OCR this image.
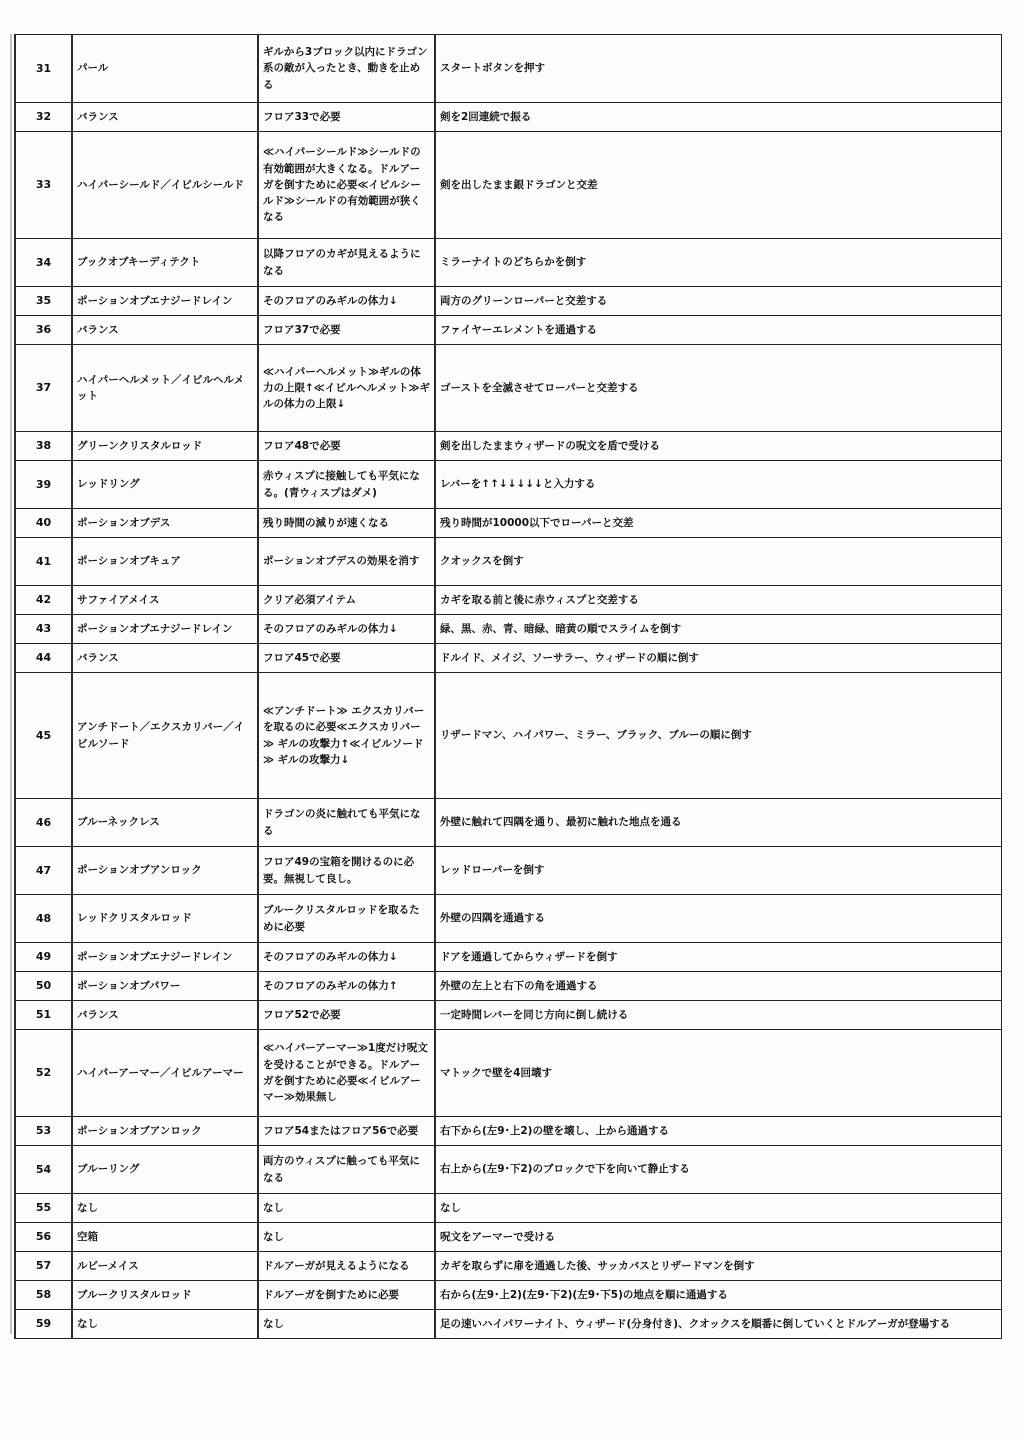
31	パール	ギルから3ブロック以内にドラゴン系の敵が入ったとき、動きを止める	スタートボタンを押す
32	バランス	フロア33で必要	剣を2回連続で振る
33	ハイパーシールド／イビルシールド	≪ハイパーシールド≫シールドの有効範囲が大きくなる。ドルアーガを倒すために必要≪イビルシールド≫シールドの有効範囲が狭くなる	剣を出したまま銀ドラゴンと交差
34	ブックオブキーディテクト	以降フロアのカギが見えるようになる	ミラーナイトのどちらかを倒す
35	ポーションオブエナジードレイン	そのフロアのみギルの体力↓	両方のグリーンローパーと交差する
36	バランス	フロア37で必要	ファイヤーエレメントを通過する
37	ハイパーヘルメット／イビルヘルメット	≪ハイパーヘルメット≫ギルの体力の上限↑≪イビルヘルメット≫ギルの体力の上限↓	ゴーストを全滅させてローパーと交差する
38	グリーンクリスタルロッド	フロア48で必要	剣を出したままウィザードの呪文を盾で受ける
39	レッドリング	赤ウィスプに接触しても平気になる。(青ウィスプはダメ)	レバーを↑↑↓↓↓↓↓と入力する
40	ポーションオブデス	残り時間の減りが速くなる	残り時間が10000以下でローパーと交差
41	ポーションオブキュア	ポーションオブデスの効果を消す	クオックスを倒す
42	サファイアメイス	クリア必須アイテム	カギを取る前と後に赤ウィスプと交差する
43	ポーションオブエナジードレイン	そのフロアのみギルの体力↓	緑、黒、赤、青、暗緑、暗黄の順でスライムを倒す
44	バランス	フロア45で必要	ドルイド、メイジ、ソーサラー、ウィザードの順に倒す
45	アンチドート／エクスカリバー／イビルソード	≪アンチドート≫ エクスカリバーを取るのに必要≪エクスカリバー≫ ギルの攻撃力↑≪イビルソード≫ ギルの攻撃力↓	リザードマン、ハイパワー、ミラー、ブラック、ブルーの順に倒す
46	ブルーネックレス	ドラゴンの炎に触れても平気になる	外壁に触れて四隅を通り、最初に触れた地点を通る
47	ポーションオブアンロック	フロア49の宝箱を開けるのに必要。無視して良し。	レッドローパーを倒す
48	レッドクリスタルロッド	ブルークリスタルロッドを取るために必要	外壁の四隅を通過する
49	ポーションオブエナジードレイン	そのフロアのみギルの体力↓	ドアを通過してからウィザードを倒す
50	ポーションオブパワー	そのフロアのみギルの体力↑	外壁の左上と右下の角を通過する
51	バランス	フロア52で必要	一定時間レバーを同じ方向に倒し続ける
52	ハイパーアーマー／イビルアーマー	≪ハイパーアーマー≫1度だけ呪文を受けることができる。ドルアーガを倒すために必要≪イビルアーマー≫効果無し	マトックで壁を4回壊す
53	ポーションオブアンロック	フロア54またはフロア56で必要	右下から(左9･上2)の壁を壊し、上から通過する
54	ブルーリング	両方のウィスプに触っても平気になる	右上から(左9･下2)のブロックで下を向いて静止する
55	なし	なし	なし
56	空箱	なし	呪文をアーマーで受ける
57	ルビーメイス	ドルアーガが見えるようになる	カギを取らずに扉を通過した後、サッカバスとリザードマンを倒す
58	ブルークリスタルロッド	ドルアーガを倒すために必要	右から(左9･上2)(左9･下2)(左9･下5)の地点を順に通過する
59	なし	なし	足の速いハイパワーナイト、ウィザード(分身付き)、クオックスを順番に倒していくとドルアーガが登場する
